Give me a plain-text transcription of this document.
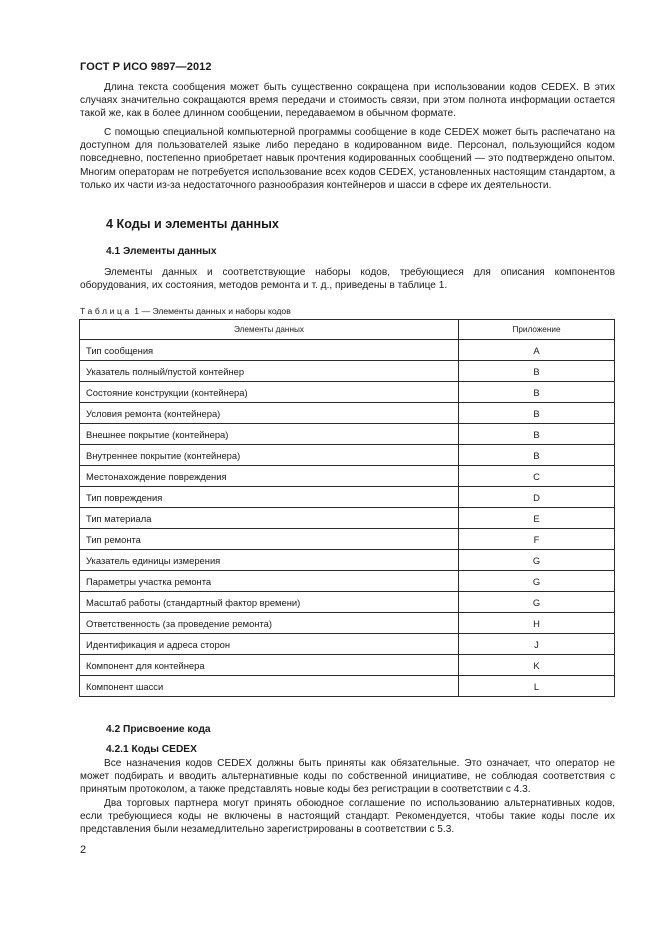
ГОСТ Р ИСО 9897—2012

Длина текста сообщения может быть существенно сокращена при использовании кодов CEDEX. В этих случаях значительно сокращаются время передачи и стоимость связи, при этом полнота информации остается такой же, как в более длинном сообщении, передаваемом в обычном формате.

С помощью специальной компьютерной программы сообщение в коде CEDEX может быть распечатано на доступном для пользователей языке либо передано в кодированном виде. Персонал, пользующийся кодом повседневно, постепенно приобретает навык прочтения кодированных сообщений — это подтверждено опытом. Многим операторам не потребуется использование всех кодов CEDEX, установленных настоящим стандартом, а только их части из-за недостаточного разнообразия контейнеров и шасси в сфере их деятельности.

4 Коды и элементы данных
4.1 Элементы данных

Элементы данных и соответствующие наборы кодов, требующиеся для описания компонентов оборудования, их состояния, методов ремонта и т. д., приведены в таблице 1.

Таблица 1 — Элементы данных и наборы кодов
Элементы данных	Приложение
Тип сообщения	A
Указатель полный/пустой контейнер	B
Состояние конструкции (контейнера)	B
Условия ремонта (контейнера)	B
Внешнее покрытие (контейнера)	B
Внутреннее покрытие (контейнера)	B
Местонахождение повреждения	C
Тип повреждения	D
Тип материала	E
Тип ремонта	F
Указатель единицы измерения	G
Параметры участка ремонта	G
Масштаб работы (стандартный фактор времени)	G
Ответственность (за проведение ремонта)	H
Идентификация и адреса сторон	J
Компонент для контейнера	K
Компонент шасси	L
4.2 Присвоение кода
4.2.1 Коды CEDEX

Все назначения кодов CEDEX должны быть приняты как обязательные. Это означает, что оператор не может подбирать и вводить альтернативные коды по собственной инициативе, не соблюдая соответствия с принятым протоколом, а также представлять новые коды без регистрации в соответствии с 4.3.

Два торговых партнера могут принять обоюдное соглашение по использованию альтернативных кодов, если требующиеся коды не включены в настоящий стандарт. Рекомендуется, чтобы такие коды после их представления были незамедлительно зарегистрированы в соответствии с 5.3.

2
